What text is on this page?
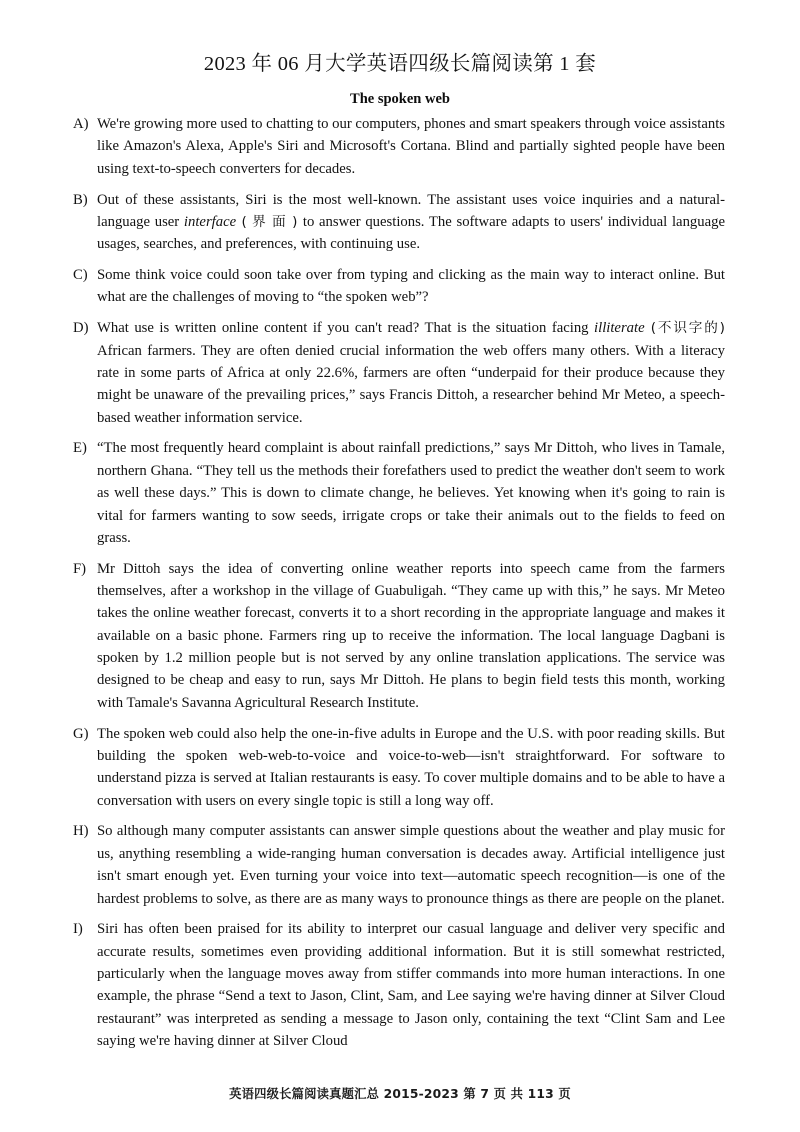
2023 年 06 月大学英语四级长篇阅读第 1 套
The spoken web
A) We're growing more used to chatting to our computers, phones and smart speakers through voice assistants like Amazon's Alexa, Apple's Siri and Microsoft's Cortana. Blind and partially sighted people have been using text-to-speech converters for decades.
B) Out of these assistants, Siri is the most well-known. The assistant uses voice inquiries and a natural-language user interface ( 界 面 ) to answer questions. The software adapts to users' individual language usages, searches, and preferences, with continuing use.
C) Some think voice could soon take over from typing and clicking as the main way to interact online. But what are the challenges of moving to “the spoken web”?
D) What use is written online content if you can't read? That is the situation facing illiterate (不识字的) African farmers. They are often denied crucial information the web offers many others. With a literacy rate in some parts of Africa at only 22.6%, farmers are often “underpaid for their produce because they might be unaware of the prevailing prices,” says Francis Dittoh, a researcher behind Mr Meteo, a speech-based weather information service.
E) “The most frequently heard complaint is about rainfall predictions,” says Mr Dittoh, who lives in Tamale, northern Ghana. “They tell us the methods their forefathers used to predict the weather don't seem to work as well these days.” This is down to climate change, he believes. Yet knowing when it's going to rain is vital for farmers wanting to sow seeds, irrigate crops or take their animals out to the fields to feed on grass.
F) Mr Dittoh says the idea of converting online weather reports into speech came from the farmers themselves, after a workshop in the village of Guabuligah. “They came up with this,” he says. Mr Meteo takes the online weather forecast, converts it to a short recording in the appropriate language and makes it available on a basic phone. Farmers ring up to receive the information. The local language Dagbani is spoken by 1.2 million people but is not served by any online translation applications. The service was designed to be cheap and easy to run, says Mr Dittoh. He plans to begin field tests this month, working with Tamale's Savanna Agricultural Research Institute.
G) The spoken web could also help the one-in-five adults in Europe and the U.S. with poor reading skills. But building the spoken web-web-to-voice and voice-to-web—isn't straightforward. For software to understand pizza is served at Italian restaurants is easy. To cover multiple domains and to be able to have a conversation with users on every single topic is still a long way off.
H) So although many computer assistants can answer simple questions about the weather and play music for us, anything resembling a wide-ranging human conversation is decades away. Artificial intelligence just isn't smart enough yet. Even turning your voice into text—automatic speech recognition—is one of the hardest problems to solve, as there are as many ways to pronounce things as there are people on the planet.
I) Siri has often been praised for its ability to interpret our casual language and deliver very specific and accurate results, sometimes even providing additional information. But it is still somewhat restricted, particularly when the language moves away from stiffer commands into more human interactions. In one example, the phrase “Send a text to Jason, Clint, Sam, and Lee saying we're having dinner at Silver Cloud restaurant” was interpreted as sending a message to Jason only, containing the text “Clint Sam and Lee saying we're having dinner at Silver Cloud
英语四级长篇阅读真题汇总 2015-2023 第 7 页 共 113 页
